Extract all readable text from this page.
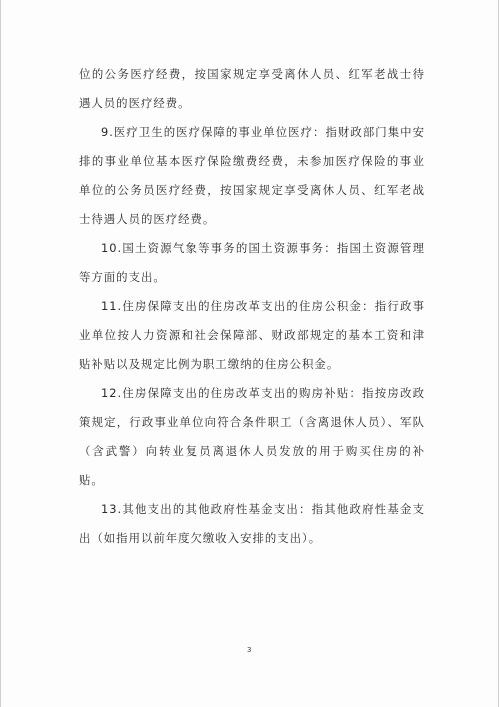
位的公务医疗经费，按国家规定享受离休人员、红军老战士待遇人员的医疗经费。

9.医疗卫生的医疗保障的事业单位医疗：指财政部门集中安排的事业单位基本医疗保险缴费经费，未参加医疗保险的事业单位的公务员医疗经费，按国家规定享受离休人员、红军老战士待遇人员的医疗经费。

10.国土资源气象等事务的国土资源事务：指国土资源管理等方面的支出。

11.住房保障支出的住房改革支出的住房公积金：指行政事业单位按人力资源和社会保障部、财政部规定的基本工资和津贴补贴以及规定比例为职工缴纳的住房公积金。

12.住房保障支出的住房改革支出的购房补贴：指按房改政策规定，行政事业单位向符合条件职工（含离退休人员）、军队（含武警）向转业复员离退休人员发放的用于购买住房的补贴。

13.其他支出的其他政府性基金支出：指其他政府性基金支出（如指用以前年度欠缴收入安排的支出）。

3
